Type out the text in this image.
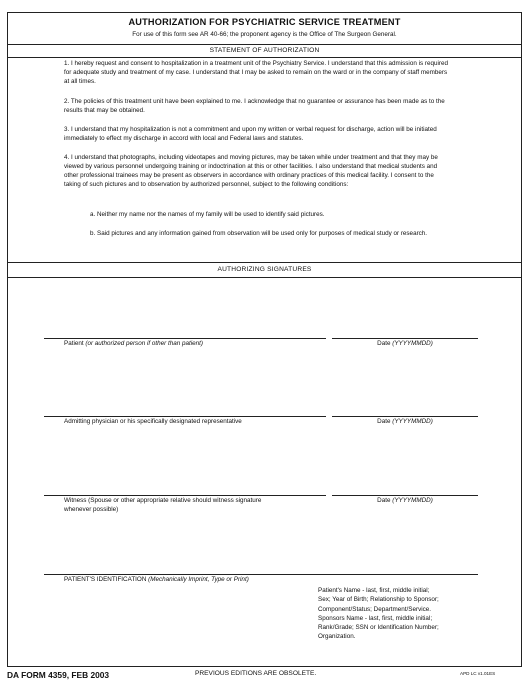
AUTHORIZATION FOR PSYCHIATRIC SERVICE TREATMENT
For use of this form see AR 40-66; the proponent agency is the Office of The Surgeon General.
STATEMENT OF AUTHORIZATION
1. I hereby request and consent to hospitalization in a treatment unit of the Psychiatry Service. I understand that this admission is required for adequate study and treatment of my case. I understand that I may be asked to remain on the ward or in the company of staff members at all times.
2. The policies of this treatment unit have been explained to me. I acknowledge that no guarantee or assurance has been made as to the results that may be obtained.
3. I understand that my hospitalization is not a commitment and upon my written or verbal request for discharge, action will be initiated immediately to effect my discharge in accord with local and Federal laws and statutes.
4. I understand that photographs, including videotapes and moving pictures, may be taken while under treatment and that they may be viewed by various personnel undergoing training or indoctrination at this or other facilities. I also understand that medical students and other professional trainees may be present as observers in accordance with ordinary practices of this medical facility. I consent to the taking of such pictures and to observation by authorized personnel, subject to the following conditions:
a. Neither my name nor the names of my family will be used to identify said pictures.
b. Said pictures and any information gained from observation will be used only for purposes of medical study or research.
AUTHORIZING SIGNATURES
Patient (or authorized person if other than patient)	Date (YYYYMMDD)
Admitting physician or his specifically designated representative	Date (YYYYMMDD)
Witness (Spouse or other appropriate relative should witness signature whenever possible)
Date (YYYYMMDD)
PATIENT'S IDENTIFICATION (Mechanically Imprint, Type or Print)
Patient's Name - last, first, middle initial;
Sex; Year of Birth; Relationship to Sponsor;
Component/Status; Department/Service.
Sponsors Name - last, first, middle initial;
Rank/Grade; SSN or Identification Number;
Organization.
DA FORM 4359, FEB 2003	PREVIOUS EDITIONS ARE OBSOLETE.	APD LC v1.01ES
